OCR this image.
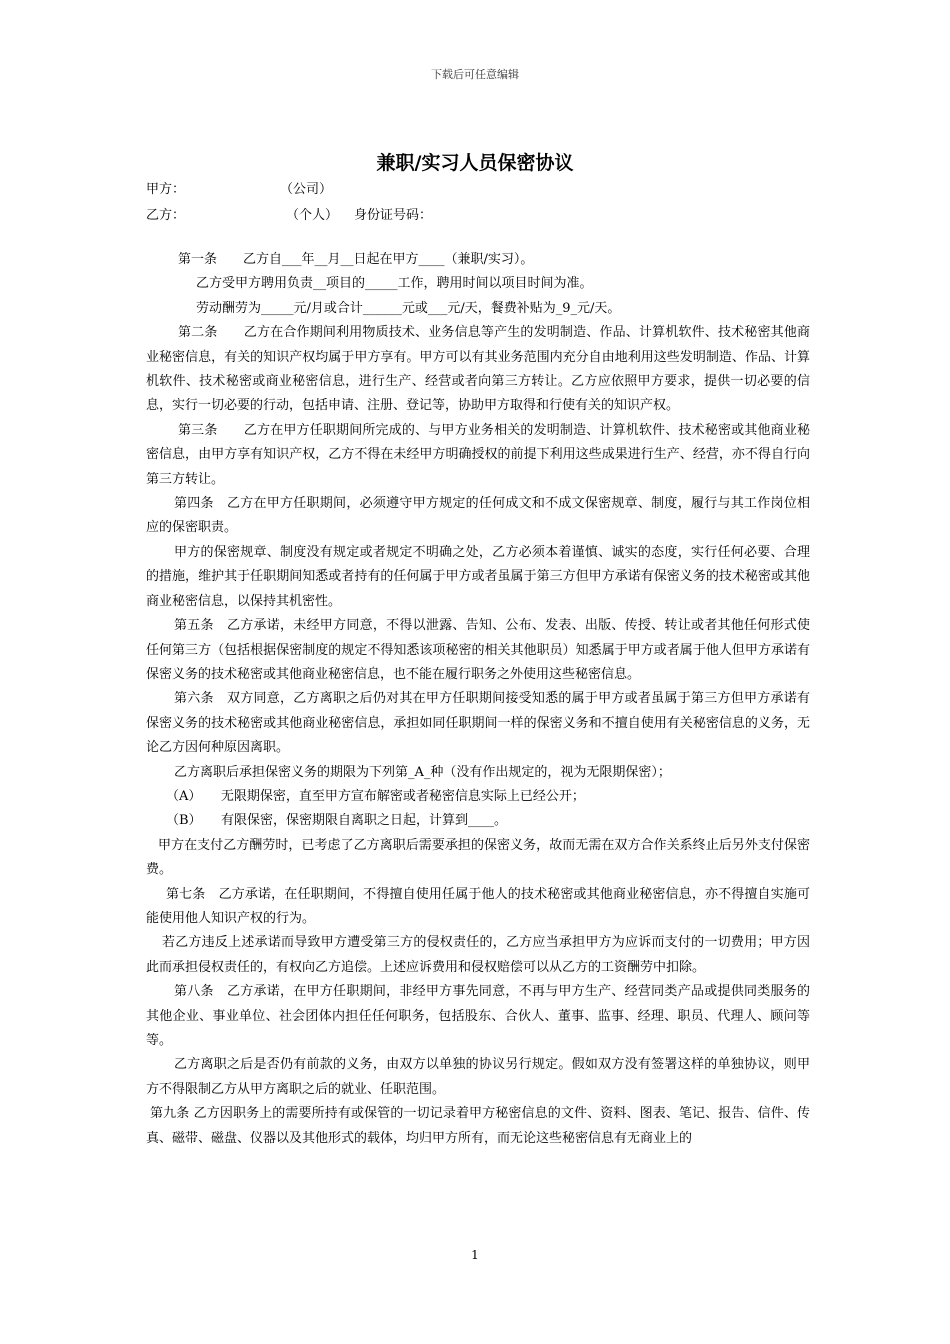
下载后可任意编辑
兼职/实习人员保密协议
甲方：	（公司）
乙方：	（个人） 身份证号码：

第一条　　乙方自___年__月__日起在甲方____（兼职/实习）。

乙方受甲方聘用负责__项目的_____工作，聘用时间以项目时间为准。

劳动酬劳为_____元/月或合计______元或___元/天，餐费补贴为_9_元/天。

第二条　　乙方在合作期间利用物质技术、业务信息等产生的发明制造、作品、计算机软件、技术秘密其他商业秘密信息，有关的知识产权均属于甲方享有。甲方可以有其业务范围内充分自由地利用这些发明制造、作品、计算机软件、技术秘密或商业秘密信息，进行生产、经营或者向第三方转让。乙方应依照甲方要求，提供一切必要的信息，实行一切必要的行动，包括申请、注册、登记等，协助甲方取得和行使有关的知识产权。

第三条　　乙方在甲方任职期间所完成的、与甲方业务相关的发明制造、计算机软件、技术秘密或其他商业秘密信息，由甲方享有知识产权，乙方不得在未经甲方明确授权的前提下利用这些成果进行生产、经营，亦不得自行向第三方转让。

第四条　乙方在甲方任职期间，必须遵守甲方规定的任何成文和不成文保密规章、制度，履行与其工作岗位相应的保密职责。

甲方的保密规章、制度没有规定或者规定不明确之处，乙方必须本着谨慎、诚实的态度，实行任何必要、合理的措施，维护其于任职期间知悉或者持有的任何属于甲方或者虽属于第三方但甲方承诺有保密义务的技术秘密或其他商业秘密信息，以保持其机密性。

第五条　乙方承诺，未经甲方同意，不得以泄露、告知、公布、发表、出版、传授、转让或者其他任何形式使任何第三方（包括根据保密制度的规定不得知悉该项秘密的相关其他职员）知悉属于甲方或者属于他人但甲方承诺有保密义务的技术秘密或其他商业秘密信息，也不能在履行职务之外使用这些秘密信息。

第六条　双方同意，乙方离职之后仍对其在甲方任职期间接受知悉的属于甲方或者虽属于第三方但甲方承诺有保密义务的技术秘密或其他商业秘密信息，承担如同任职期间一样的保密义务和不擅自使用有关秘密信息的义务，无论乙方因何种原因离职。

乙方离职后承担保密义务的期限为下列第_A_种（没有作出规定的，视为无限期保密）；

（A）　　无限期保密，直至甲方宣布解密或者秘密信息实际上已经公开；

（B）　　有限保密，保密期限自离职之日起，计算到____。

甲方在支付乙方酬劳时，已考虑了乙方离职后需要承担的保密义务，故而无需在双方合作关系终止后另外支付保密费。

第七条　乙方承诺，在任职期间，不得擅自使用任属于他人的技术秘密或其他商业秘密信息，亦不得擅自实施可能使用他人知识产权的行为。

若乙方违反上述承诺而导致甲方遭受第三方的侵权责任的，乙方应当承担甲方为应诉而支付的一切费用；甲方因此而承担侵权责任的，有权向乙方追偿。上述应诉费用和侵权赔偿可以从乙方的工资酬劳中扣除。

第八条　乙方承诺，在甲方任职期间，非经甲方事先同意，不再与甲方生产、经营同类产品或提供同类服务的其他企业、事业单位、社会团体内担任任何职务，包括股东、合伙人、董事、监事、经理、职员、代理人、顾问等等。

乙方离职之后是否仍有前款的义务，由双方以单独的协议另行规定。假如双方没有签署这样的单独协议，则甲方不得限制乙方从甲方离职之后的就业、任职范围。

第九条 乙方因职务上的需要所持有或保管的一切记录着甲方秘密信息的文件、资料、图表、笔记、报告、信件、传真、磁带、磁盘、仪器以及其他形式的载体，均归甲方所有，而无论这些秘密信息有无商业上的

1
